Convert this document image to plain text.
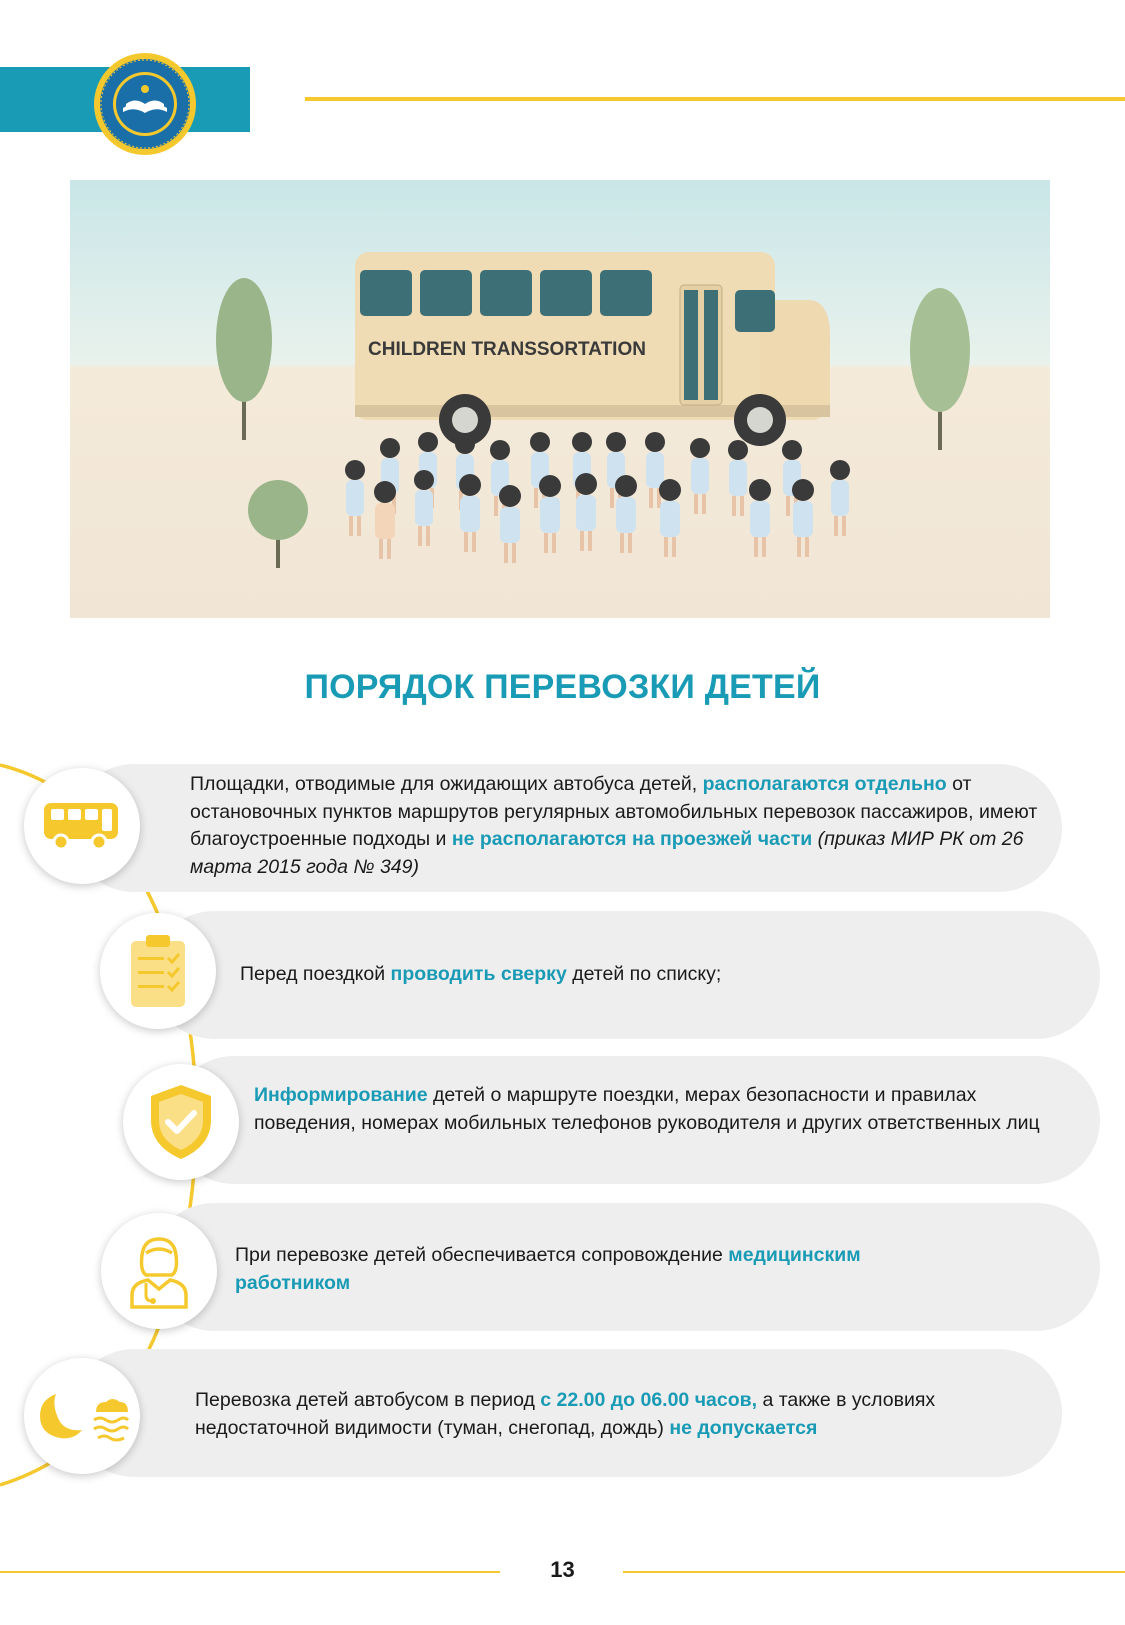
CHILDREN TRANSSORTATION
ПОРЯДОК ПЕРЕВОЗКИ ДЕТЕЙ
Площадки, отводимые для ожидающих автобуса детей, располагаются отдельно от остановочных пунктов маршрутов регулярных автомобильных перевозок пассажиров, имеют благоустроенные подходы и не располагаются на проезжей части (приказ МИР РК от 26 марта 2015 года № 349)
Перед поездкой проводить сверку детей по списку;
Информирование детей о маршруте поездки, мерах безопасности и правилах поведения, номерах мобильных телефонов руководителя и других ответственных лиц
При перевозке детей обеспечивается сопровождение медицинским работником
Перевозка детей автобусом в период с 22.00 до 06.00 часов, а также в условиях недостаточной видимости (туман, снегопад, дождь) не допускается
13
